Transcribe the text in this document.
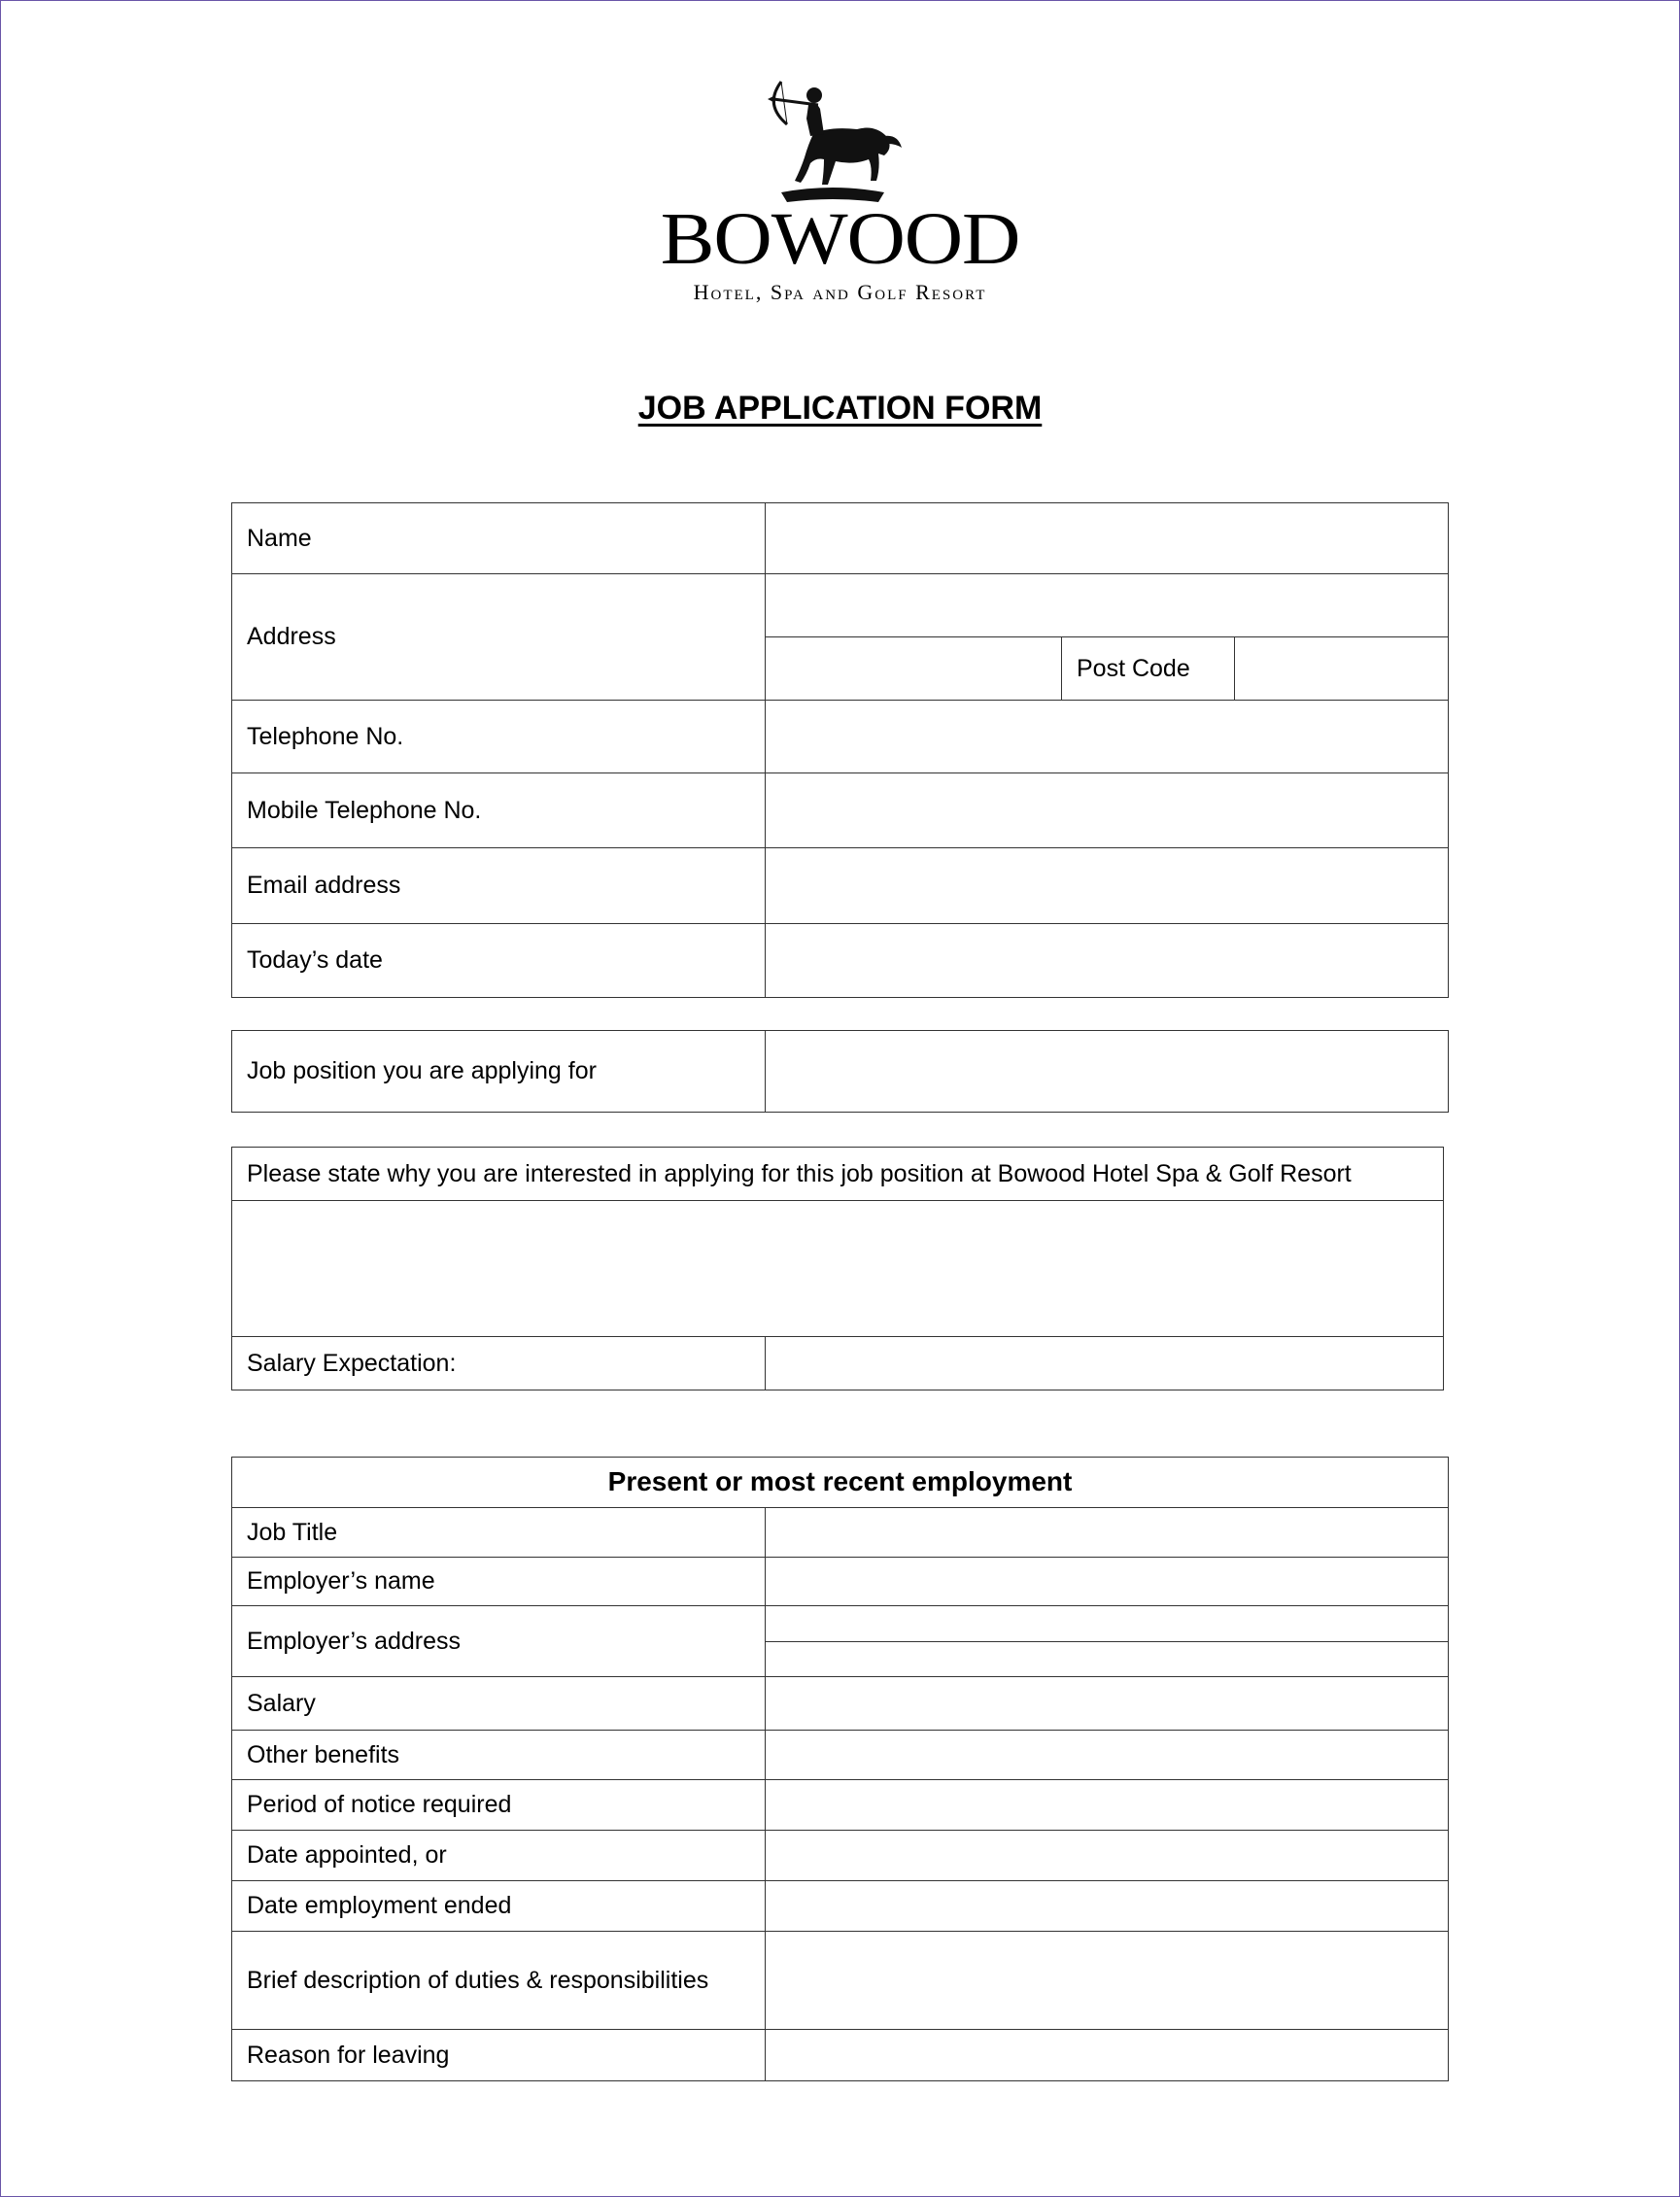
BOWOOD
Hotel, Spa and Golf Resort
JOB APPLICATION FORM
Name			
Address			
		Post Code	
Telephone No.			
Mobile Telephone No.			
Email address			
Today’s date			
Job position you are applying for	
Please state why you are interested in applying for this job position at Bowood Hotel Spa & Golf Resort

Salary Expectation:	
Present or most recent employment	
Job Title	
Employer’s name	
Employer’s address	

Salary	
Other benefits	
Period of notice required	
Date appointed, or	
Date employment ended	
Brief description of duties & responsibilities	
Reason for leaving	
